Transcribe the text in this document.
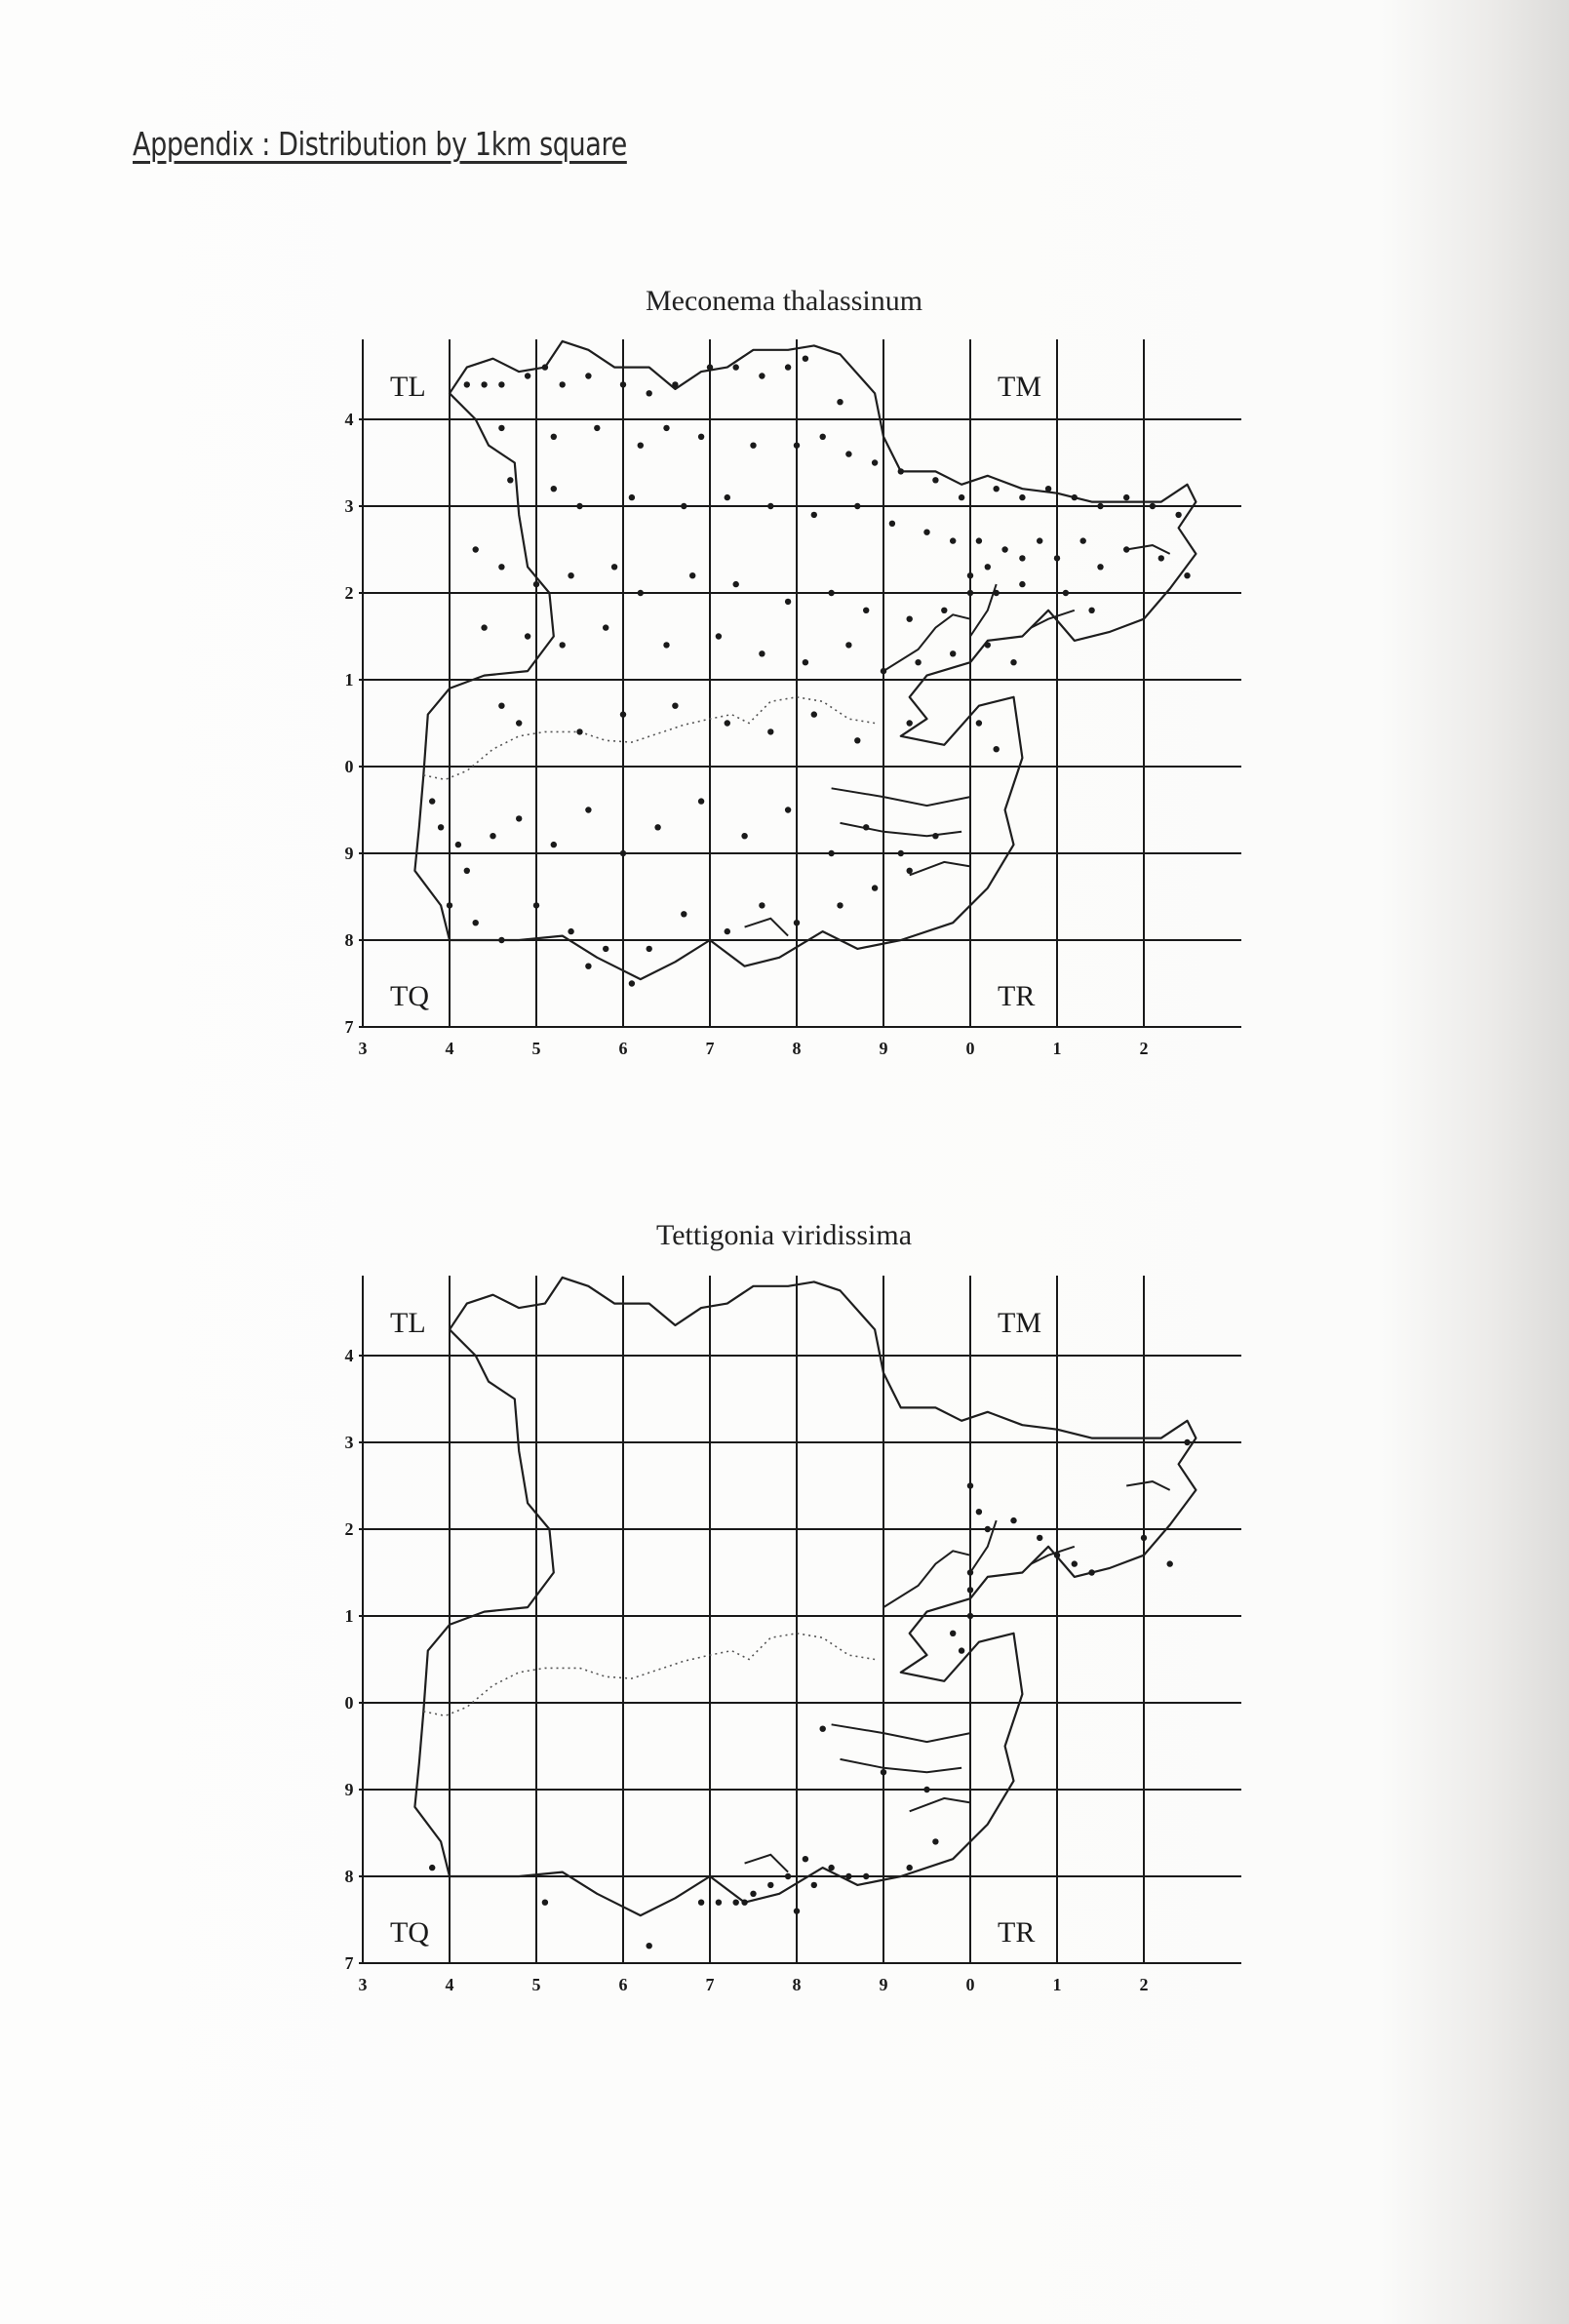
Appendix : Distribution by 1km square
Meconema thalassinum
TL	TM
TQ	TR
3	4	5	6	7	8	9	0	1	2
4
3
2
1
0
9
8
7
Tettigonia viridissima
TL	TM
TQ	TR
3	4	5	6	7	8	9	0	1	2
4
3
2
1
0
9
8
7
